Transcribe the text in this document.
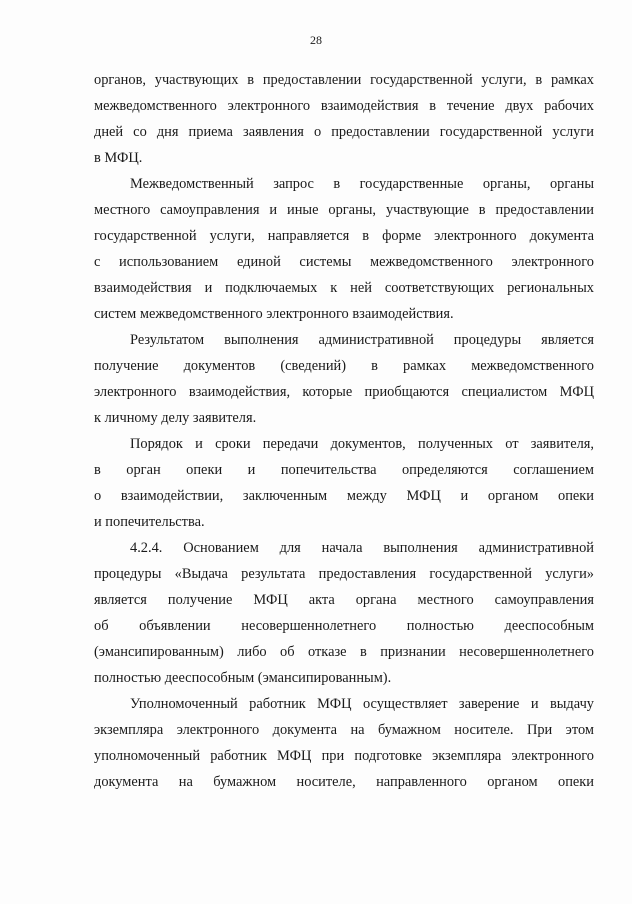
28
органов, участвующих в предоставлении государственной услуги, в рамках
межведомственного электронного взаимодействия в течение двух рабочих
дней со дня приема заявления о предоставлении государственной услуги
в МФЦ.
Межведомственный запрос в государственные органы, органы
местного самоуправления и иные органы, участвующие в предоставлении
государственной услуги, направляется в форме электронного документа
с использованием единой системы межведомственного электронного
взаимодействия и подключаемых к ней соответствующих региональных
систем межведомственного электронного взаимодействия.
Результатом выполнения административной процедуры является
получение документов (сведений) в рамках межведомственного
электронного взаимодействия, которые приобщаются специалистом МФЦ
к личному делу заявителя.
Порядок и сроки передачи документов, полученных от заявителя,
в орган опеки и попечительства определяются соглашением
о взаимодействии, заключенным между МФЦ и органом опеки
и попечительства.
4.2.4. Основанием для начала выполнения административной
процедуры «Выдача результата предоставления государственной услуги»
является получение МФЦ акта органа местного самоуправления
об объявлении несовершеннолетнего полностью дееспособным
(эмансипированным) либо об отказе в признании несовершеннолетнего
полностью дееспособным (эмансипированным).
Уполномоченный работник МФЦ осуществляет заверение и выдачу
экземпляра электронного документа на бумажном носителе. При этом
уполномоченный работник МФЦ при подготовке экземпляра электронного
документа на бумажном носителе, направленного органом опеки
